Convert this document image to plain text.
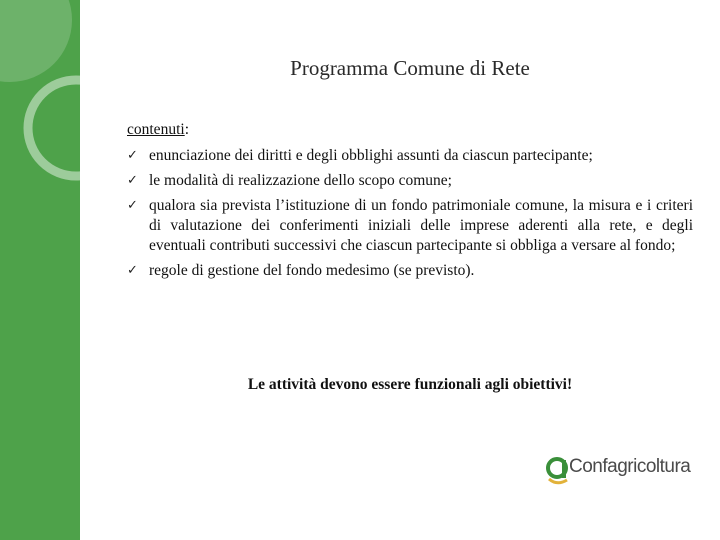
Programma Comune di Rete
contenuti:
✓ enunciazione dei diritti e degli obblighi assunti da ciascun partecipante;
✓ le modalità di realizzazione dello scopo comune;
✓ qualora sia prevista l’istituzione di un fondo patrimoniale comune, la misura e i criteri di valutazione dei conferimenti iniziali delle imprese aderenti alla rete, e degli eventuali contributi successivi che ciascun partecipante si obbliga a versare al fondo;
✓ regole di gestione del fondo medesimo (se previsto).
Le attività devono essere funzionali agli obiettivi!
Confagricoltura
